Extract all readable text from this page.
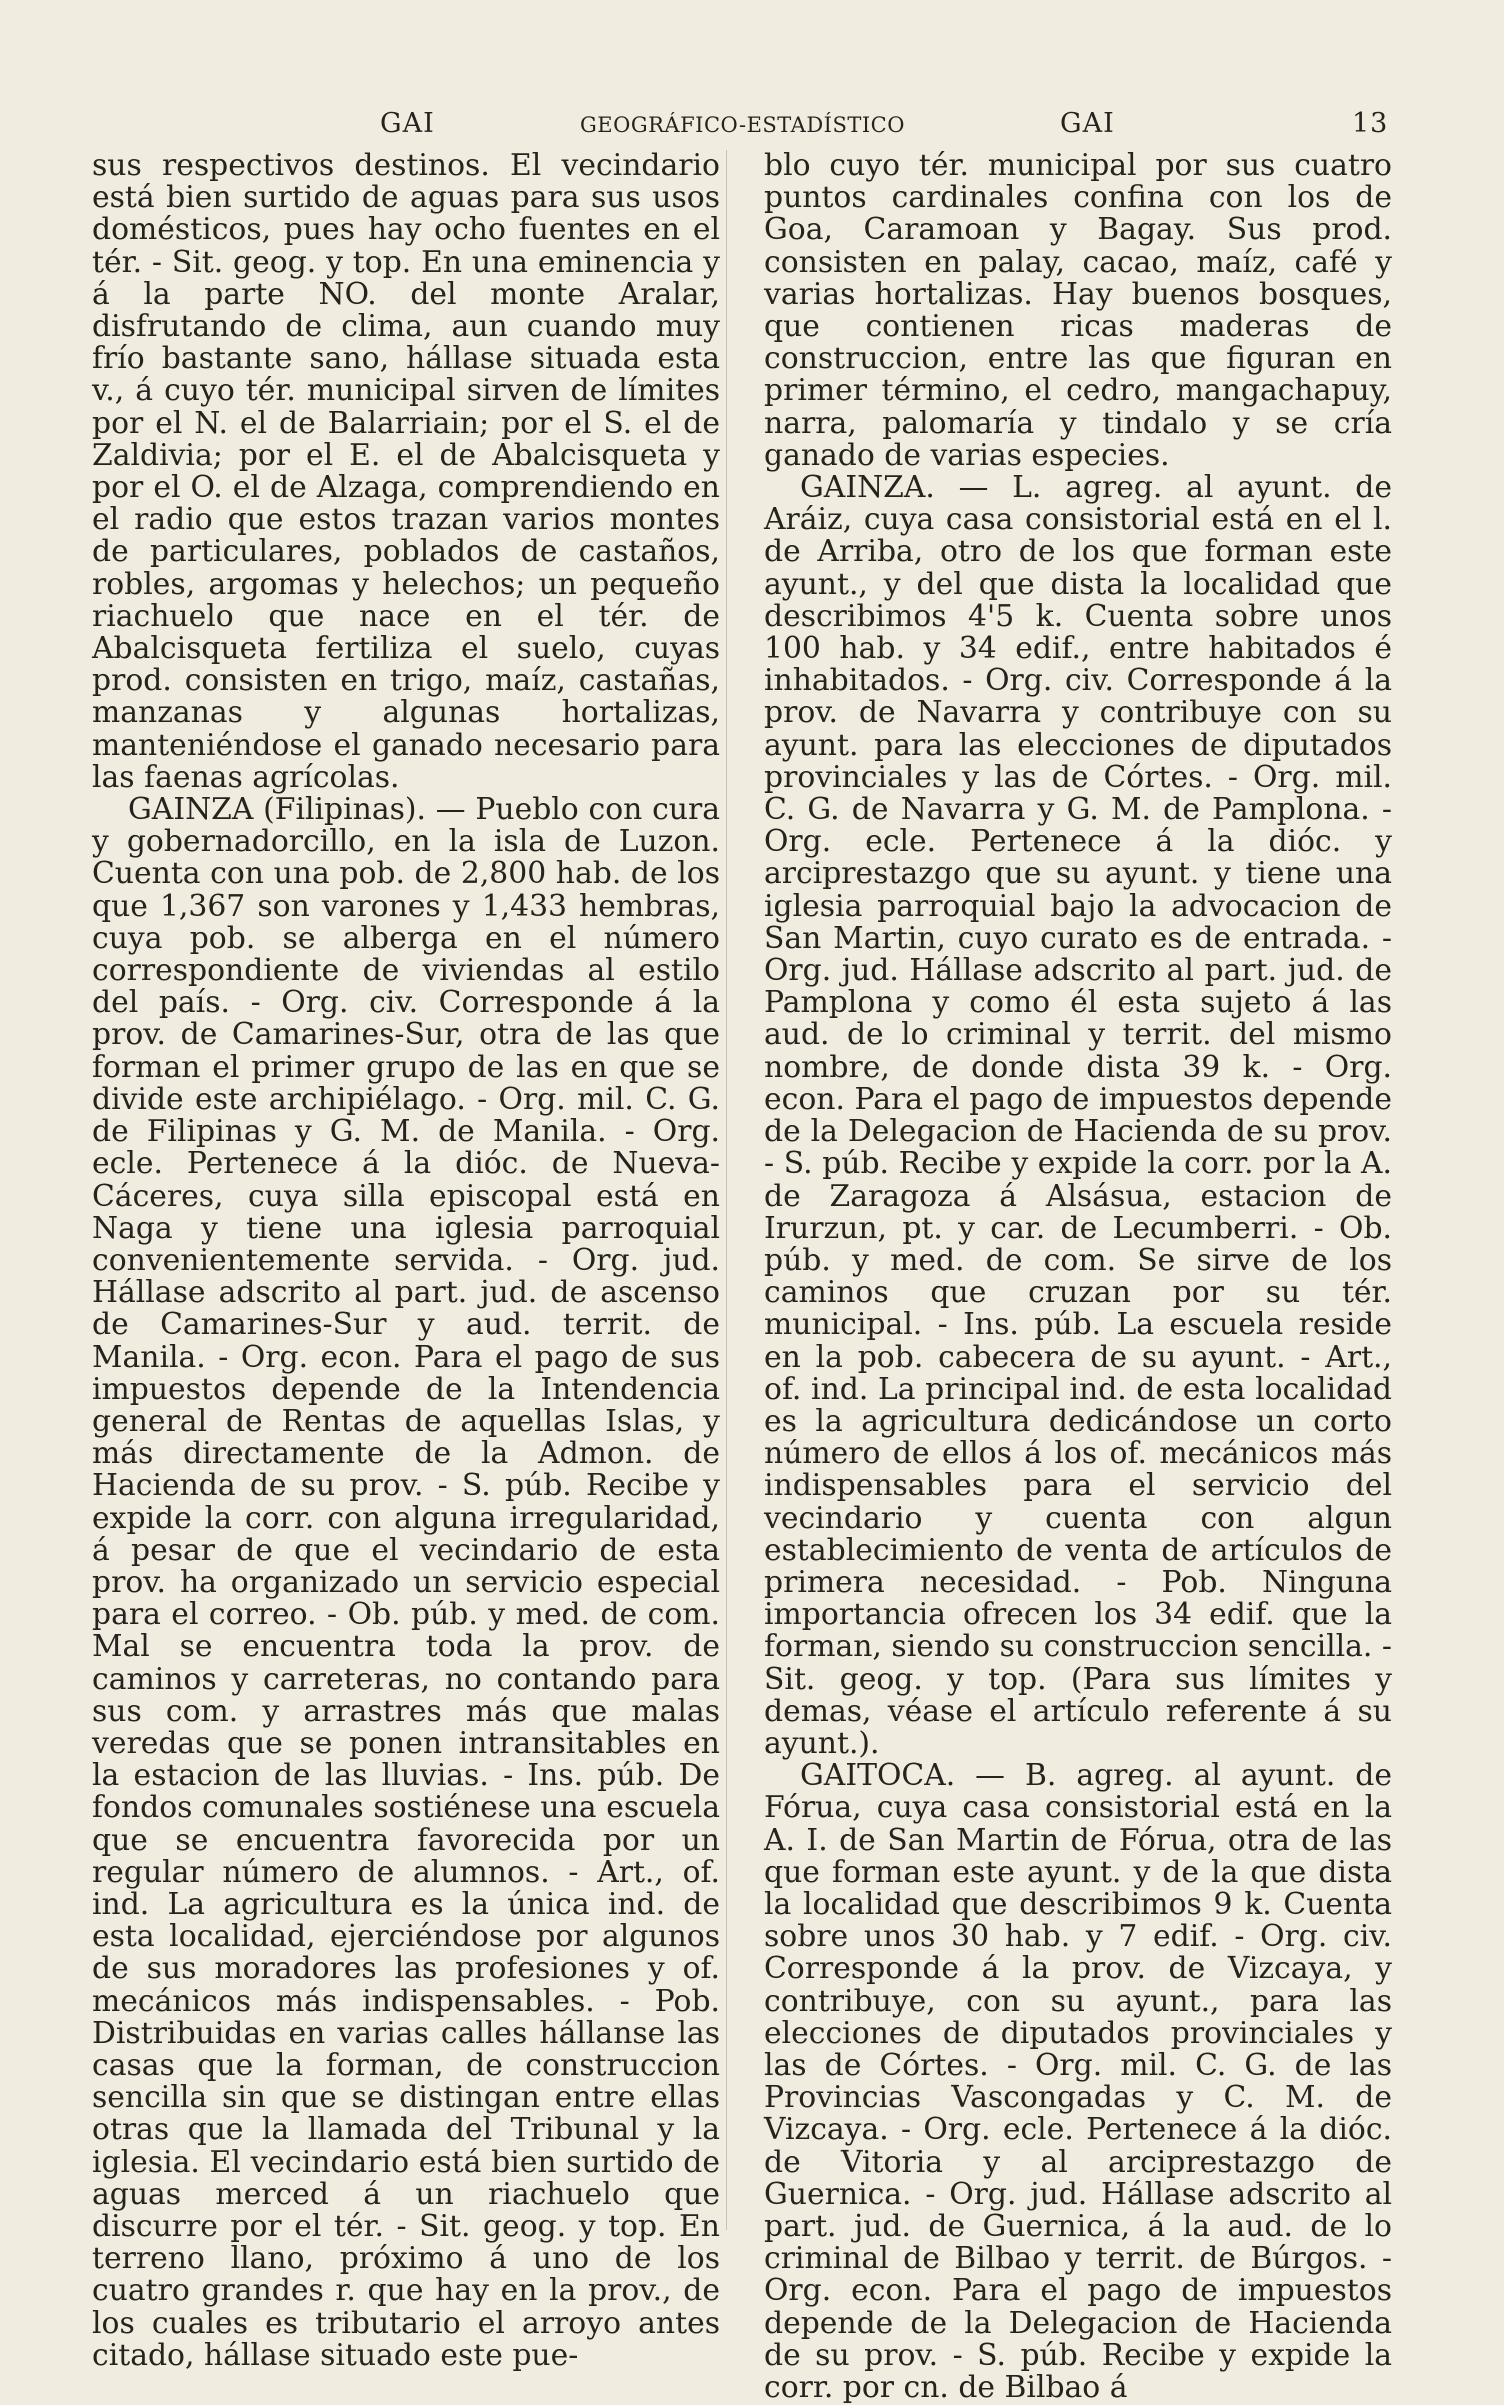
GAI	GEOGRÁFICO-ESTADÍSTICO	GAI	13

sus respectivos destinos. El vecindario está bien surtido de aguas para sus usos domésticos, pues hay ocho fuentes en el tér. - Sit. geog. y top. En una eminencia y á la parte NO. del monte Aralar, disfrutando de clima, aun cuando muy frío bastante sano, hállase situada esta v., á cuyo tér. municipal sirven de límites por el N. el de Balarriain; por el S. el de Zaldivia; por el E. el de Abalcisqueta y por el O. el de Alzaga, comprendiendo en el radio que estos trazan varios montes de particulares, poblados de castaños, robles, argomas y helechos; un pequeño riachuelo que nace en el tér. de Abalcisqueta fertiliza el suelo, cuyas prod. consisten en trigo, maíz, castañas, manzanas y algunas hortalizas, manteniéndose el ganado necesario para las faenas agrícolas.

GAINZA (Filipinas). — Pueblo con cura y gobernadorcillo, en la isla de Luzon. Cuenta con una pob. de 2,800 hab. de los que 1,367 son varones y 1,433 hembras, cuya pob. se alberga en el número correspondiente de viviendas al estilo del país. - Org. civ. Corresponde á la prov. de Camarines-Sur, otra de las que forman el primer grupo de las en que se divide este archipiélago. - Org. mil. C. G. de Filipinas y G. M. de Manila. - Org. ecle. Pertenece á la dióc. de Nueva-Cáceres, cuya silla episcopal está en Naga y tiene una iglesia parroquial convenientemente servida. - Org. jud. Hállase adscrito al part. jud. de ascenso de Camarines-Sur y aud. territ. de Manila. - Org. econ. Para el pago de sus impuestos depende de la Intendencia general de Rentas de aquellas Islas, y más directamente de la Admon. de Hacienda de su prov. - S. púb. Recibe y expide la corr. con alguna irregularidad, á pesar de que el vecindario de esta prov. ha organizado un servicio especial para el correo. - Ob. púb. y med. de com. Mal se encuentra toda la prov. de caminos y carreteras, no contando para sus com. y arrastres más que malas veredas que se ponen intransitables en la estacion de las lluvias. - Ins. púb. De fondos comunales sostiénese una escuela que se encuentra favorecida por un regular número de alumnos. - Art., of. ind. La agricultura es la única ind. de esta localidad, ejerciéndose por algunos de sus moradores las profesiones y of. mecánicos más indispensables. - Pob. Distribuidas en varias calles hállanse las casas que la forman, de construccion sencilla sin que se distingan entre ellas otras que la llamada del Tribunal y la iglesia. El vecindario está bien surtido de aguas merced á un riachuelo que discurre por el tér. - Sit. geog. y top. En terreno llano, próximo á uno de los cuatro grandes r. que hay en la prov., de los cuales es tributario el arroyo antes citado, hállase situado este pue-

blo cuyo tér. municipal por sus cuatro puntos cardinales confina con los de Goa, Caramoan y Bagay. Sus prod. consisten en palay, cacao, maíz, café y varias hortalizas. Hay buenos bosques, que contienen ricas maderas de construccion, entre las que figuran en primer término, el cedro, mangachapuy, narra, palomaría y tindalo y se cría ganado de varias especies.

GAINZA. — L. agreg. al ayunt. de Aráiz, cuya casa consistorial está en el l. de Arriba, otro de los que forman este ayunt., y del que dista la localidad que describimos 4'5 k. Cuenta sobre unos 100 hab. y 34 edif., entre habitados é inhabitados. - Org. civ. Corresponde á la prov. de Navarra y contribuye con su ayunt. para las elecciones de diputados provinciales y las de Córtes. - Org. mil. C. G. de Navarra y G. M. de Pamplona. - Org. ecle. Pertenece á la dióc. y arciprestazgo que su ayunt. y tiene una iglesia parroquial bajo la advocacion de San Martin, cuyo curato es de entrada. - Org. jud. Hállase adscrito al part. jud. de Pamplona y como él esta sujeto á las aud. de lo criminal y territ. del mismo nombre, de donde dista 39 k. - Org. econ. Para el pago de impuestos depende de la Delegacion de Hacienda de su prov. - S. púb. Recibe y expide la corr. por la A. de Zaragoza á Alsásua, estacion de Irurzun, pt. y car. de Lecumberri. - Ob. púb. y med. de com. Se sirve de los caminos que cruzan por su tér. municipal. - Ins. púb. La escuela reside en la pob. cabecera de su ayunt. - Art., of. ind. La principal ind. de esta localidad es la agricultura dedicándose un corto número de ellos á los of. mecánicos más indispensables para el servicio del vecindario y cuenta con algun establecimiento de venta de artículos de primera necesidad. - Pob. Ninguna importancia ofrecen los 34 edif. que la forman, siendo su construccion sencilla. - Sit. geog. y top. (Para sus límites y demas, véase el artículo referente á su ayunt.).

GAITOCA. — B. agreg. al ayunt. de Fórua, cuya casa consistorial está en la A. I. de San Martin de Fórua, otra de las que forman este ayunt. y de la que dista la localidad que describimos 9 k. Cuenta sobre unos 30 hab. y 7 edif. - Org. civ. Corresponde á la prov. de Vizcaya, y contribuye, con su ayunt., para las elecciones de diputados provinciales y las de Córtes. - Org. mil. C. G. de las Provincias Vascongadas y C. M. de Vizcaya. - Org. ecle. Pertenece á la dióc. de Vitoria y al arciprestazgo de Guernica. - Org. jud. Hállase adscrito al part. jud. de Guernica, á la aud. de lo criminal de Bilbao y territ. de Búrgos. - Org. econ. Para el pago de impuestos depende de la Delegacion de Hacienda de su prov. - S. púb. Recibe y expide la corr. por cn. de Bilbao á
